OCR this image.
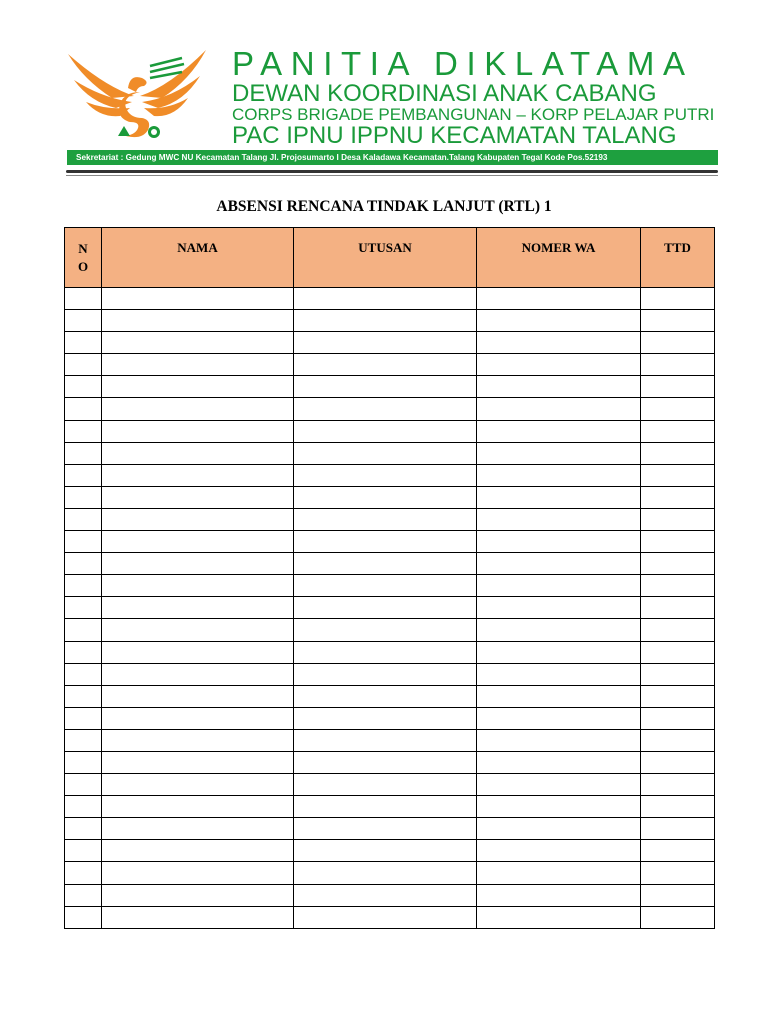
PANITIA DIKLATAMA
DEWAN KOORDINASI ANAK CABANG
CORPS BRIGADE PEMBANGUNAN – KORP PELAJAR PUTRI
PAC IPNU IPPNU KECAMATAN TALANG
Sekretariat : Gedung MWC NU Kecamatan Talang Jl. Projosumarto I Desa Kaladawa Kecamatan.Talang Kabupaten Tegal Kode Pos.52193
ABSENSI RENCANA TINDAK LANJUT (RTL) 1
N
O	NAMA	UTUSAN	NOMER WA	TTD
